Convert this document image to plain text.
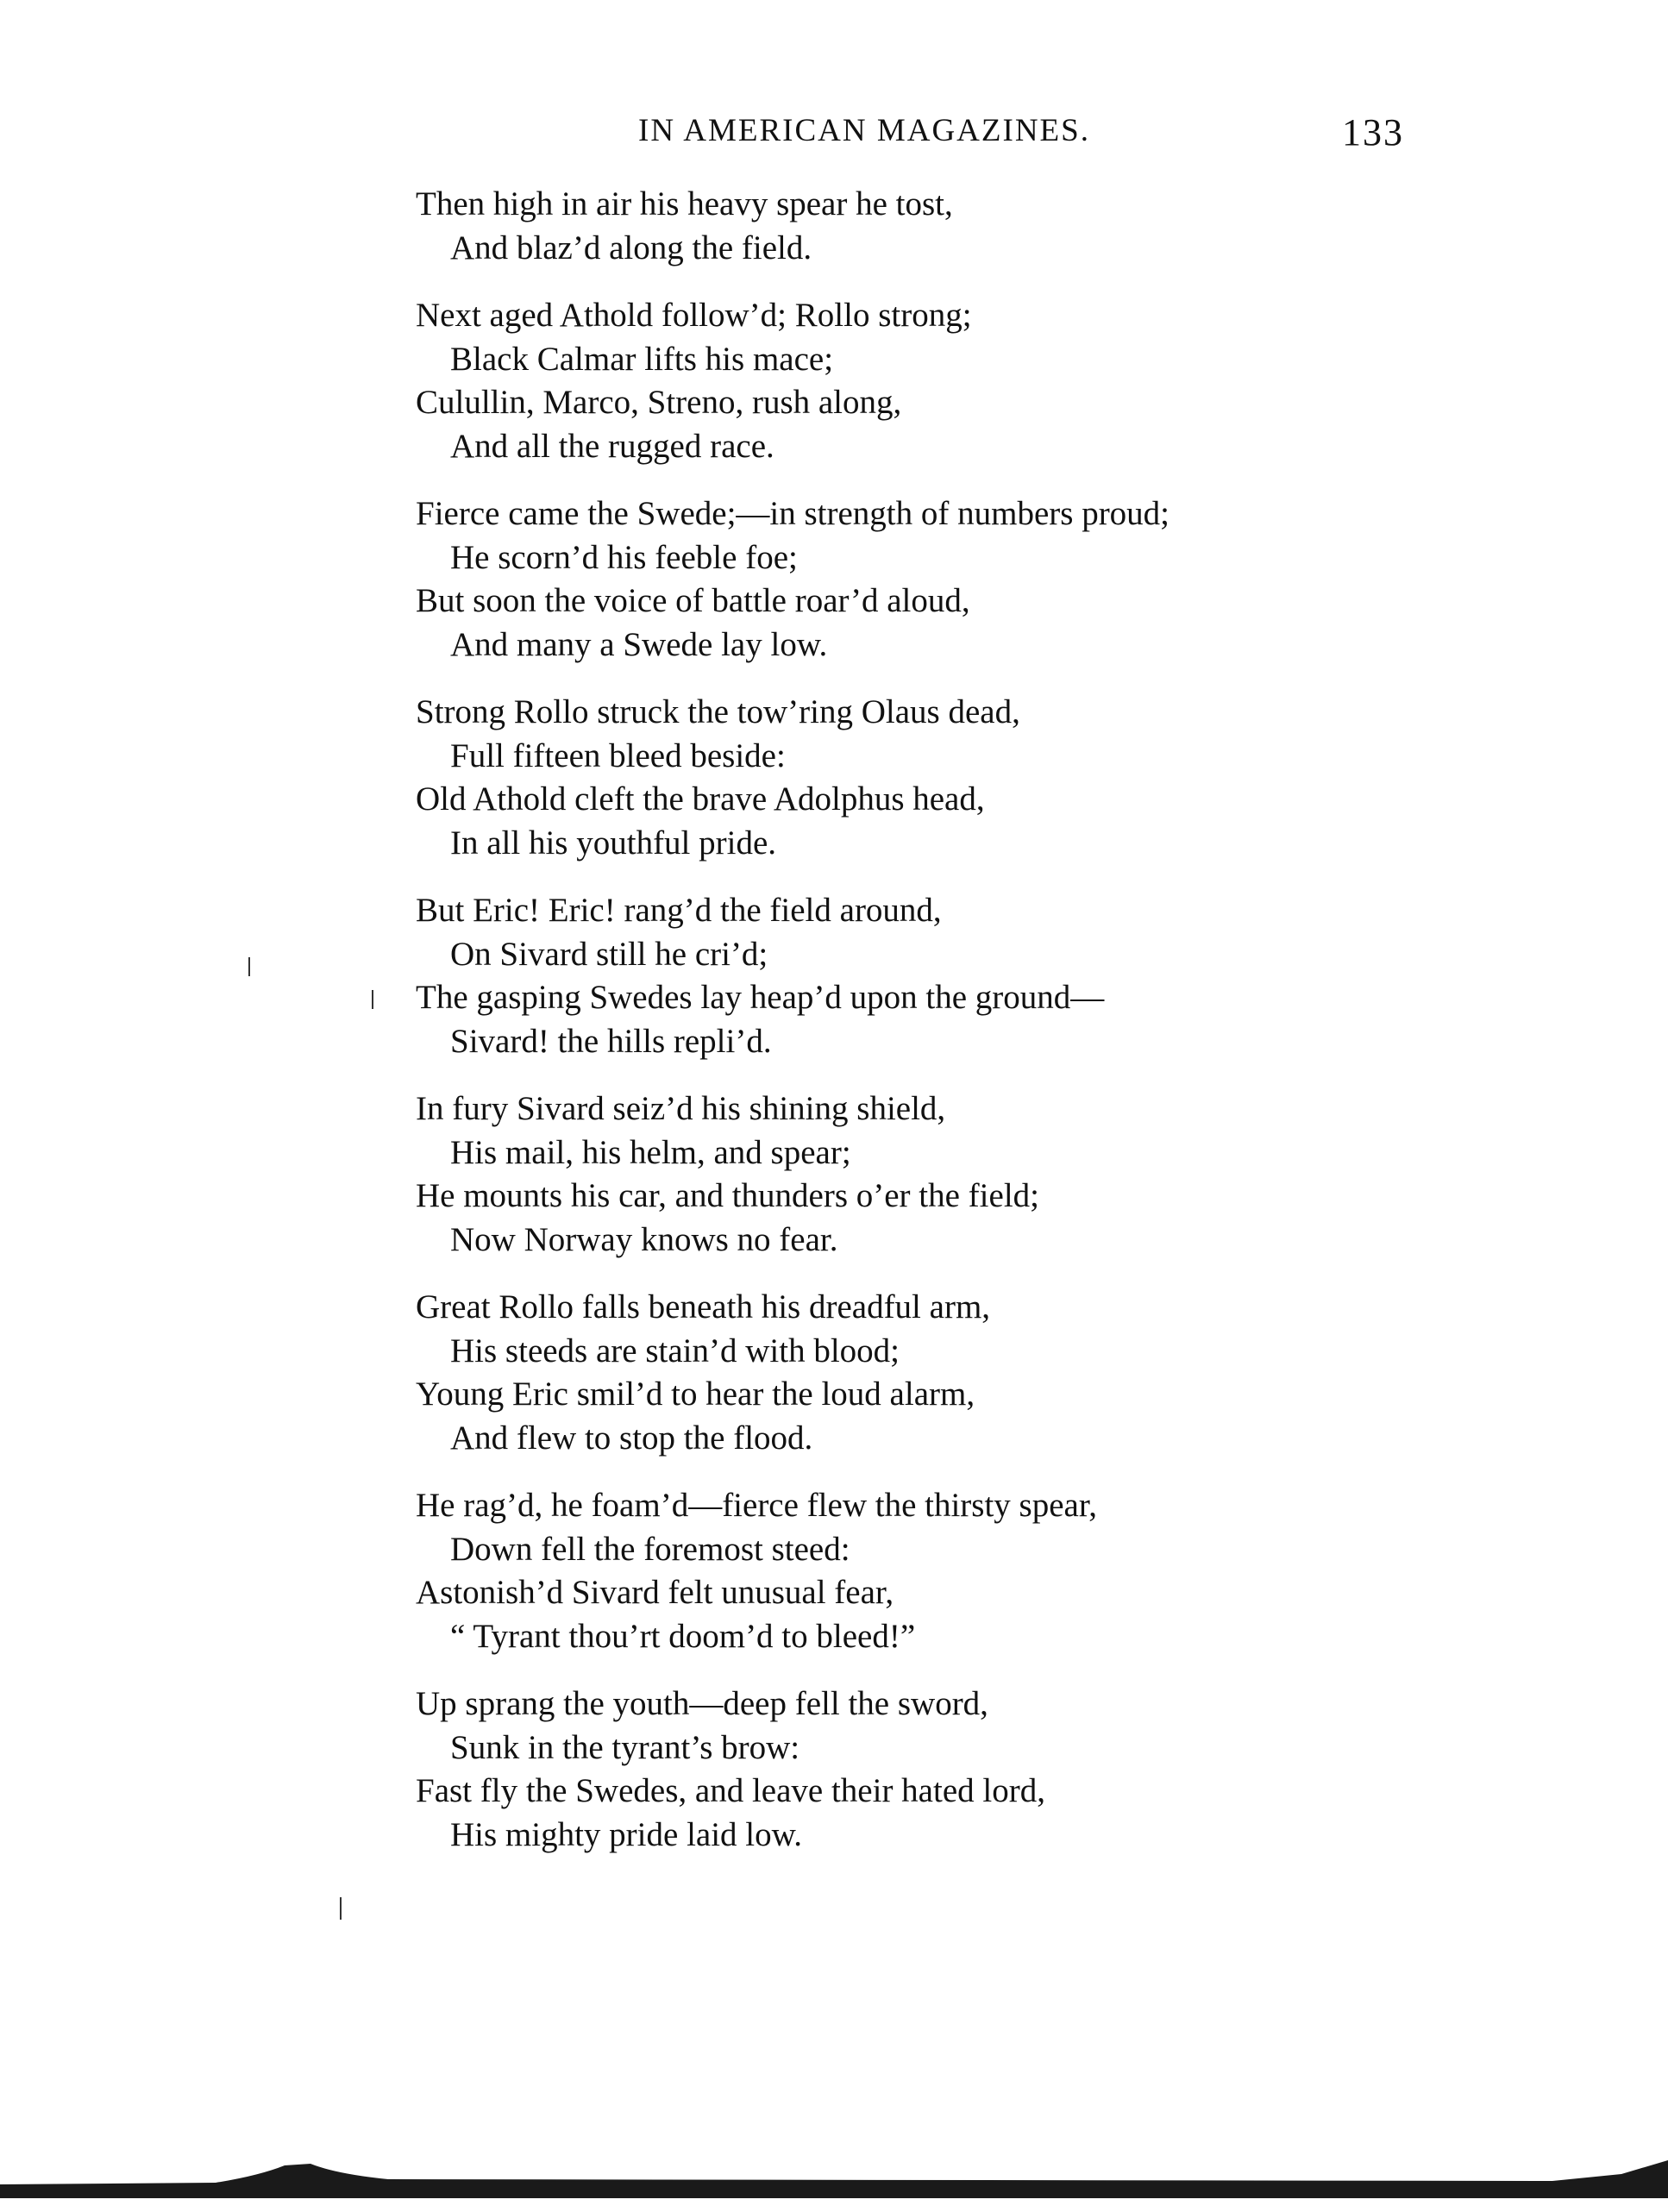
IN AMERICAN MAGAZINES.	133
Then high in air his heavy spear he tost,
And blaz’d along the field.
Next aged Athold follow’d; Rollo strong;
Black Calmar lifts his mace;
Culullin, Marco, Streno, rush along,
And all the rugged race.
Fierce came the Swede;—in strength of numbers proud;
He scorn’d his feeble foe;
But soon the voice of battle roar’d aloud,
And many a Swede lay low.
Strong Rollo struck the tow’ring Olaus dead,
Full fifteen bleed beside:
Old Athold cleft the brave Adolphus head,
In all his youthful pride.
But Eric! Eric! rang’d the field around,
On Sivard still he cri’d;
The gasping Swedes lay heap’d upon the ground—
Sivard! the hills repli’d.
In fury Sivard seiz’d his shining shield,
His mail, his helm, and spear;
He mounts his car, and thunders o’er the field;
Now Norway knows no fear.
Great Rollo falls beneath his dreadful arm,
His steeds are stain’d with blood;
Young Eric smil’d to hear the loud alarm,
And flew to stop the flood.
He rag’d, he foam’d—fierce flew the thirsty spear,
Down fell the foremost steed:
Astonish’d Sivard felt unusual fear,
“ Tyrant thou’rt doom’d to bleed!”
Up sprang the youth—deep fell the sword,
Sunk in the tyrant’s brow:
Fast fly the Swedes, and leave their hated lord,
His mighty pride laid low.
